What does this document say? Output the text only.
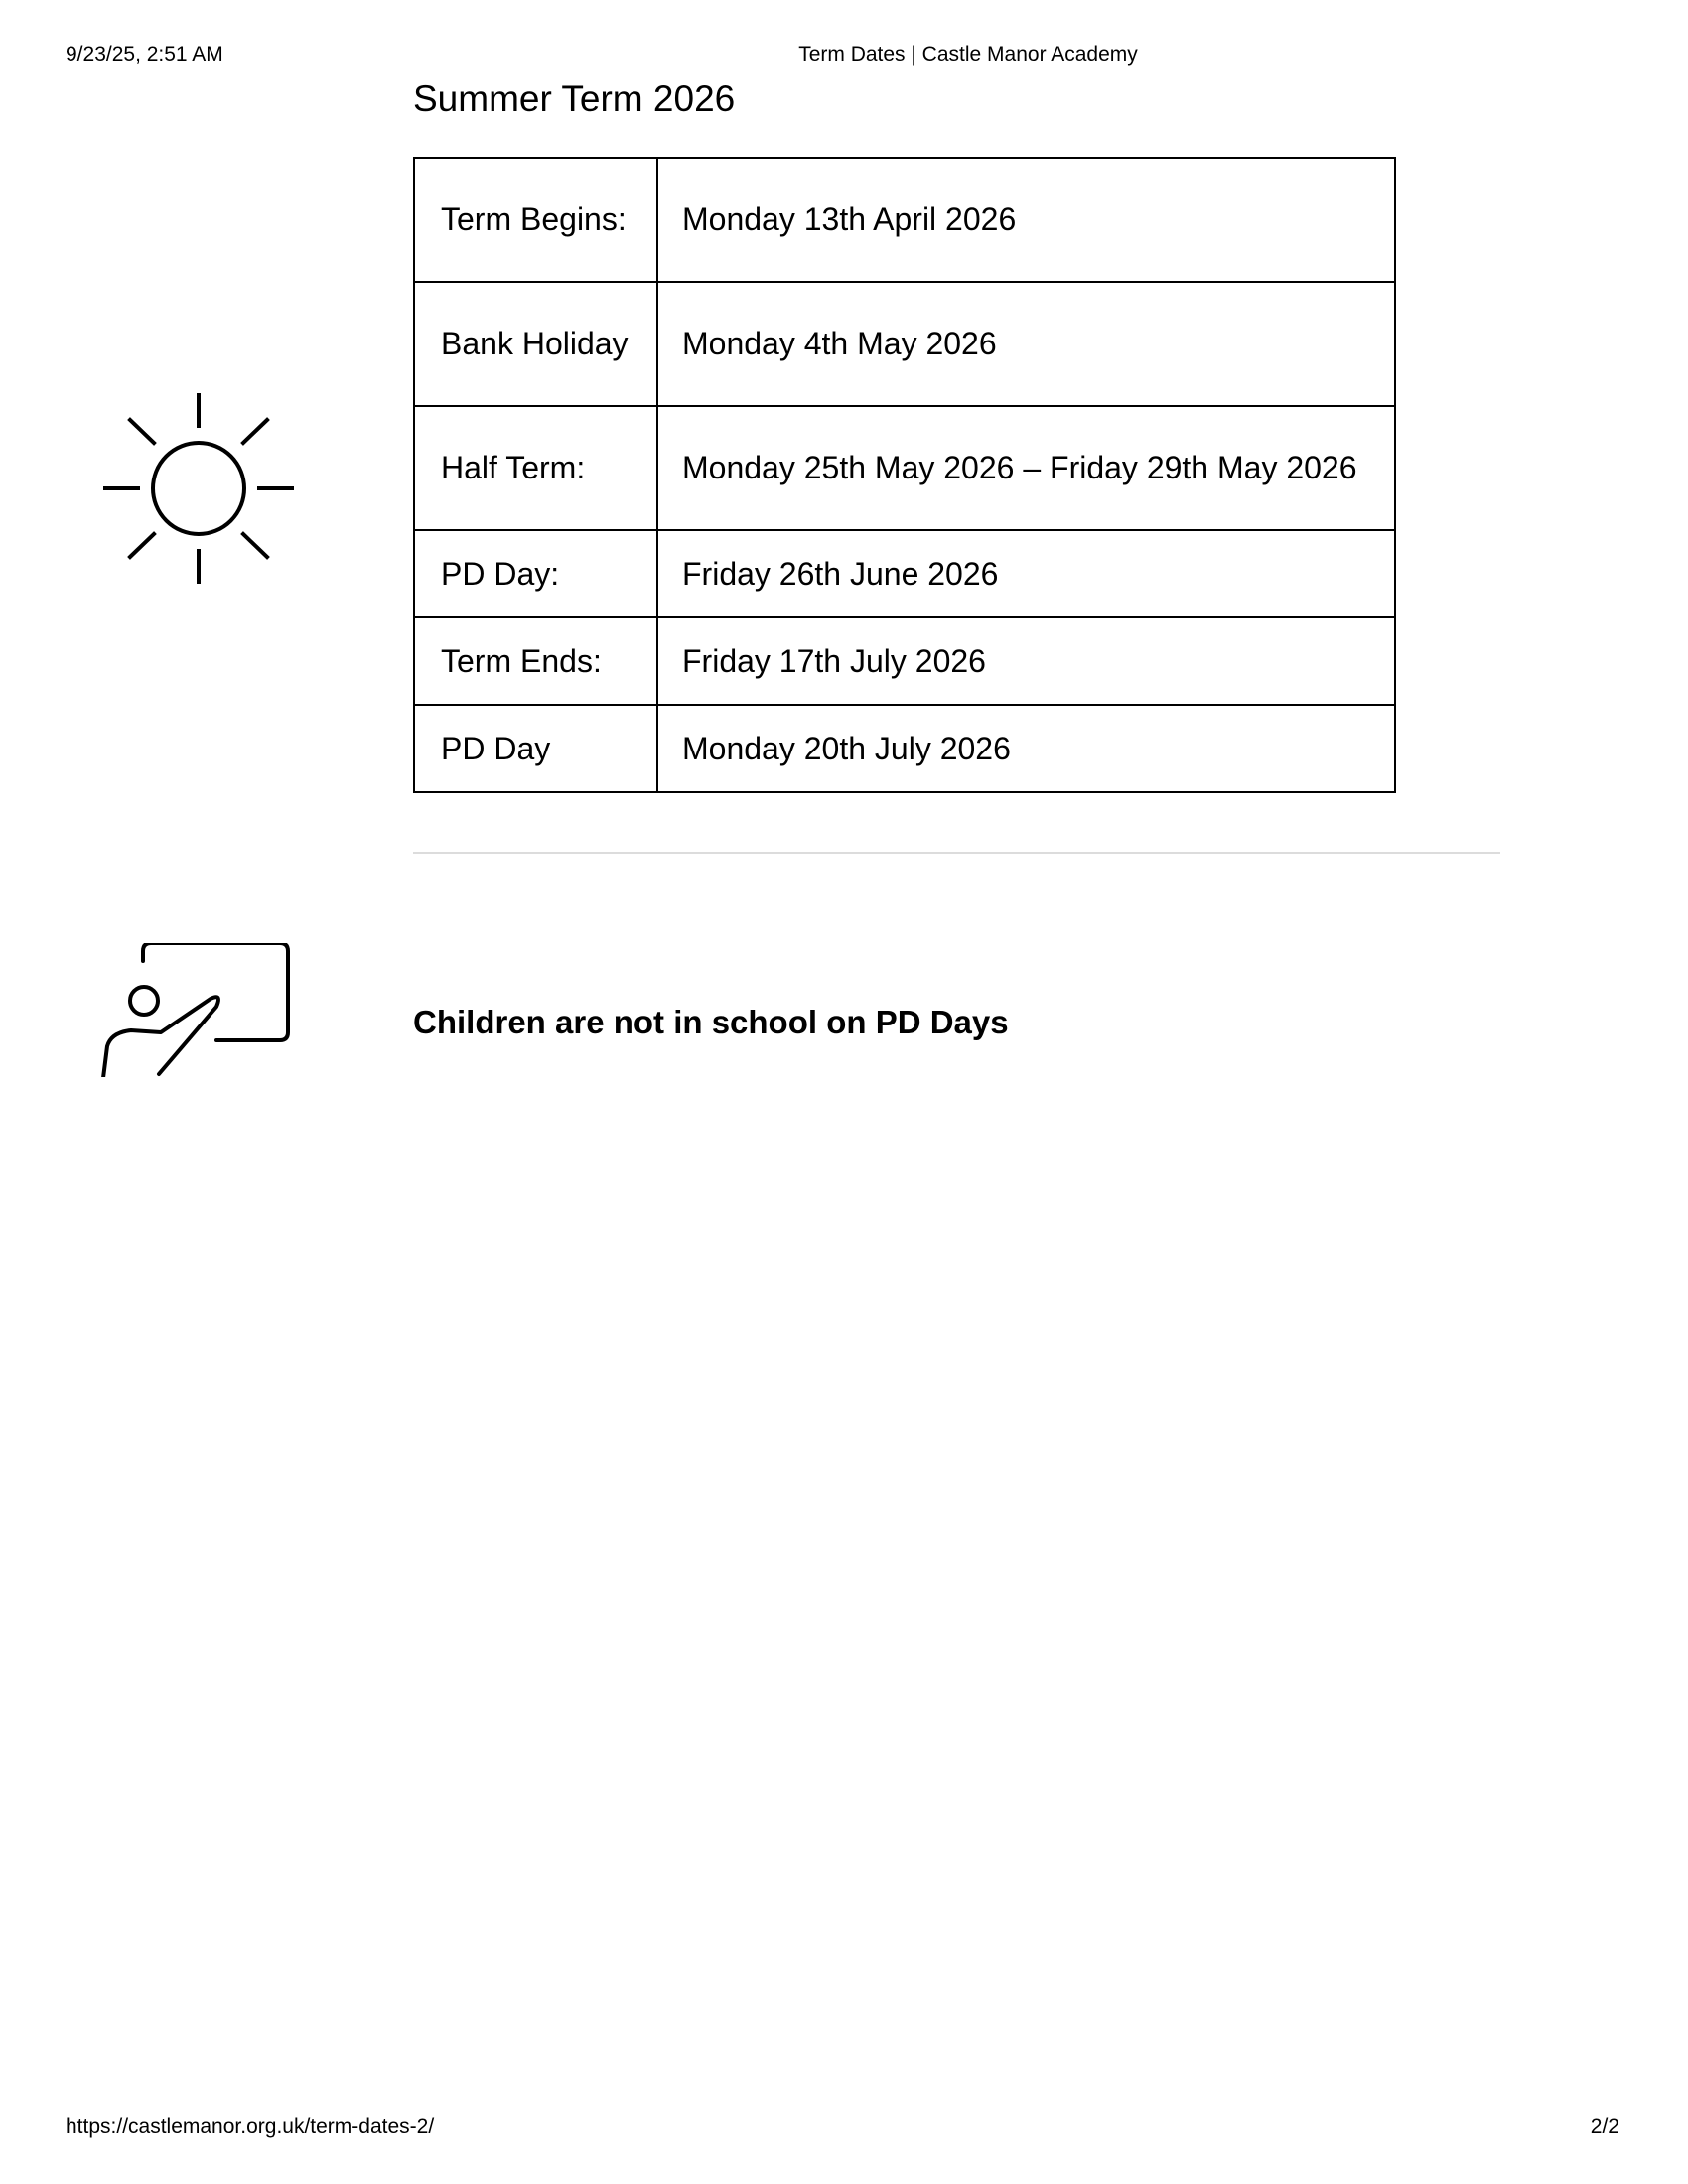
9/23/25, 2:51 AM	Term Dates | Castle Manor Academy
Summer Term 2026
Term Begins:	Monday 13th April 2026
Bank Holiday	Monday 4th May 2026
Half Term:	Monday 25th May 2026 – Friday 29th May 2026
PD Day:	Friday 26th June 2026
Term Ends:	Friday 17th July 2026
PD Day	Monday 20th July 2026
Children are not in school on PD Days
https://castlemanor.org.uk/term-dates-2/	2/2
